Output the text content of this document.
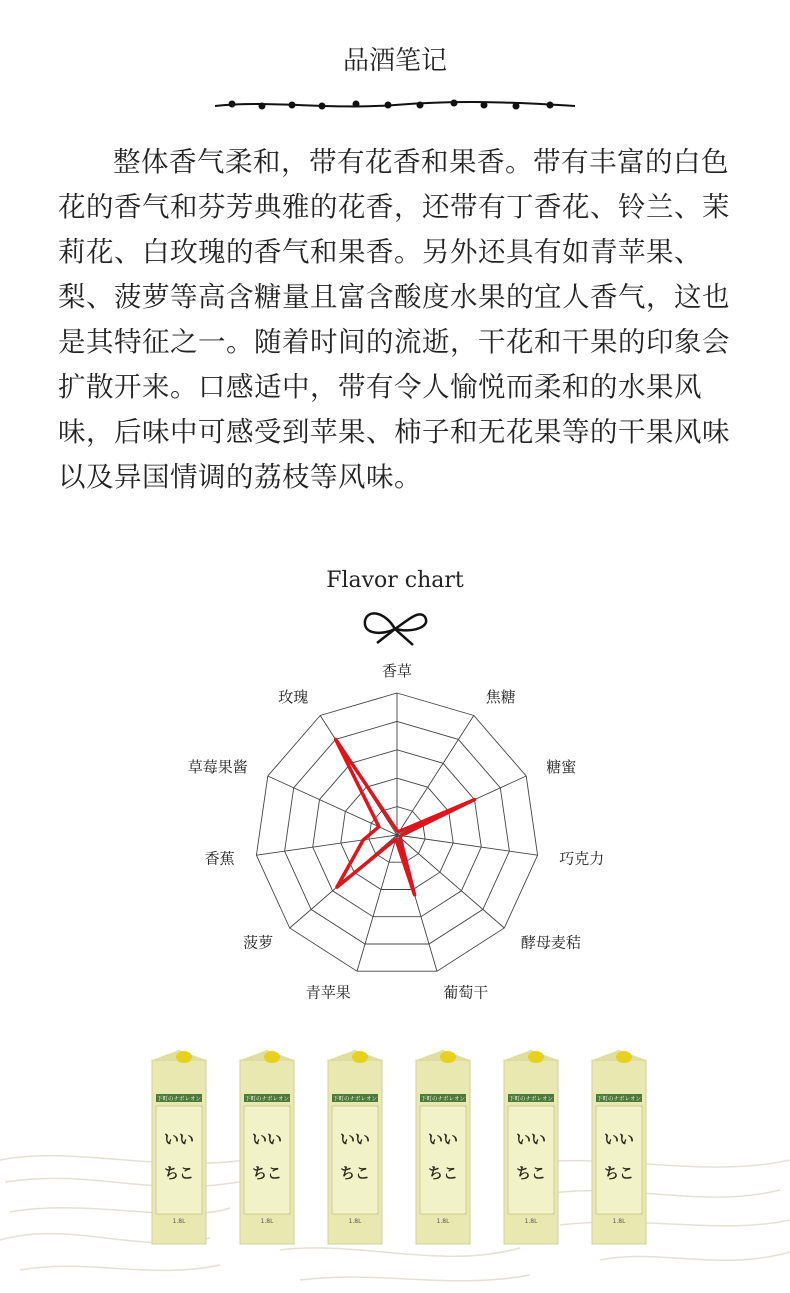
品酒笔记

整体香气柔和，带有花香和果香。带有丰富的白色花的香气和芬芳典雅的花香，还带有丁香花、铃兰、茉莉花、白玫瑰的香气和果香。另外还具有如青苹果、梨、菠萝等高含糖量且富含酸度水果的宜人香气，这也是其特征之一。随着时间的流逝，干花和干果的印象会扩散开来。口感适中，带有令人愉悦而柔和的水果风味，后味中可感受到苹果、柿子和无花果等的干果风味以及异国情调的荔枝等风味。

Flavor chart
香草
焦糖
糖蜜
巧克力
酵母麦秸
葡萄干
青苹果
菠萝
香蕉
草莓果酱
玫瑰
下町のナポレオン
いい
ちこ
1.8L
下町のナポレオン
いい
ちこ
1.8L
下町のナポレオン
いい
ちこ
1.8L
下町のナポレオン
いい
ちこ
1.8L
下町のナポレオン
いい
ちこ
1.8L
下町のナポレオン
いい
ちこ
1.8L
